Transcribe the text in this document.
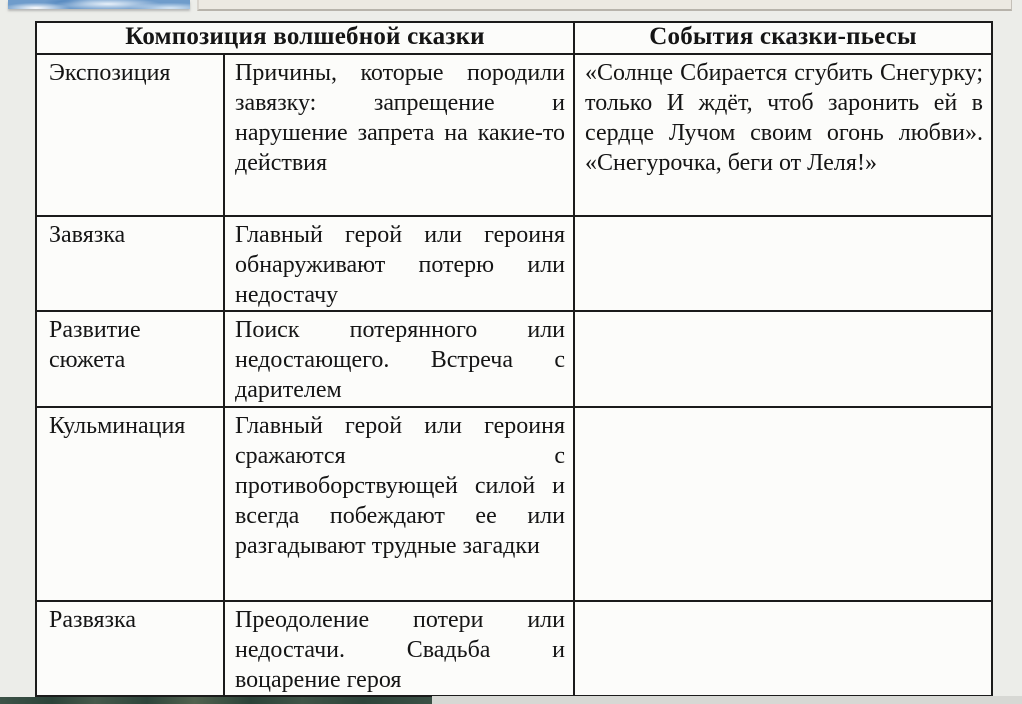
Композиция волшебной сказки		События сказки-пьесы
Экспозиция	Причины, которые породили завязку: запрещение и нарушение запрета на какие-то действия	«Солнце Сбирается сгубить Снегурку; только И ждёт, чтоб заронить ей в сердце Лучом своим огонь любви». «Снегурочка, беги от Леля!»
Завязка	Главный герой или героиня обнаруживают потерю или недостачу	
Развитие сюжета	Поиск потерянного или недостающего. Встреча с дарителем	
Кульминация	Главный герой или героиня сражаются с противоборствующей силой и всегда побеждают ее или разгадывают трудные загадки	
Развязка	Преодоление потери или недостачи. Свадьба и воцарение героя	
